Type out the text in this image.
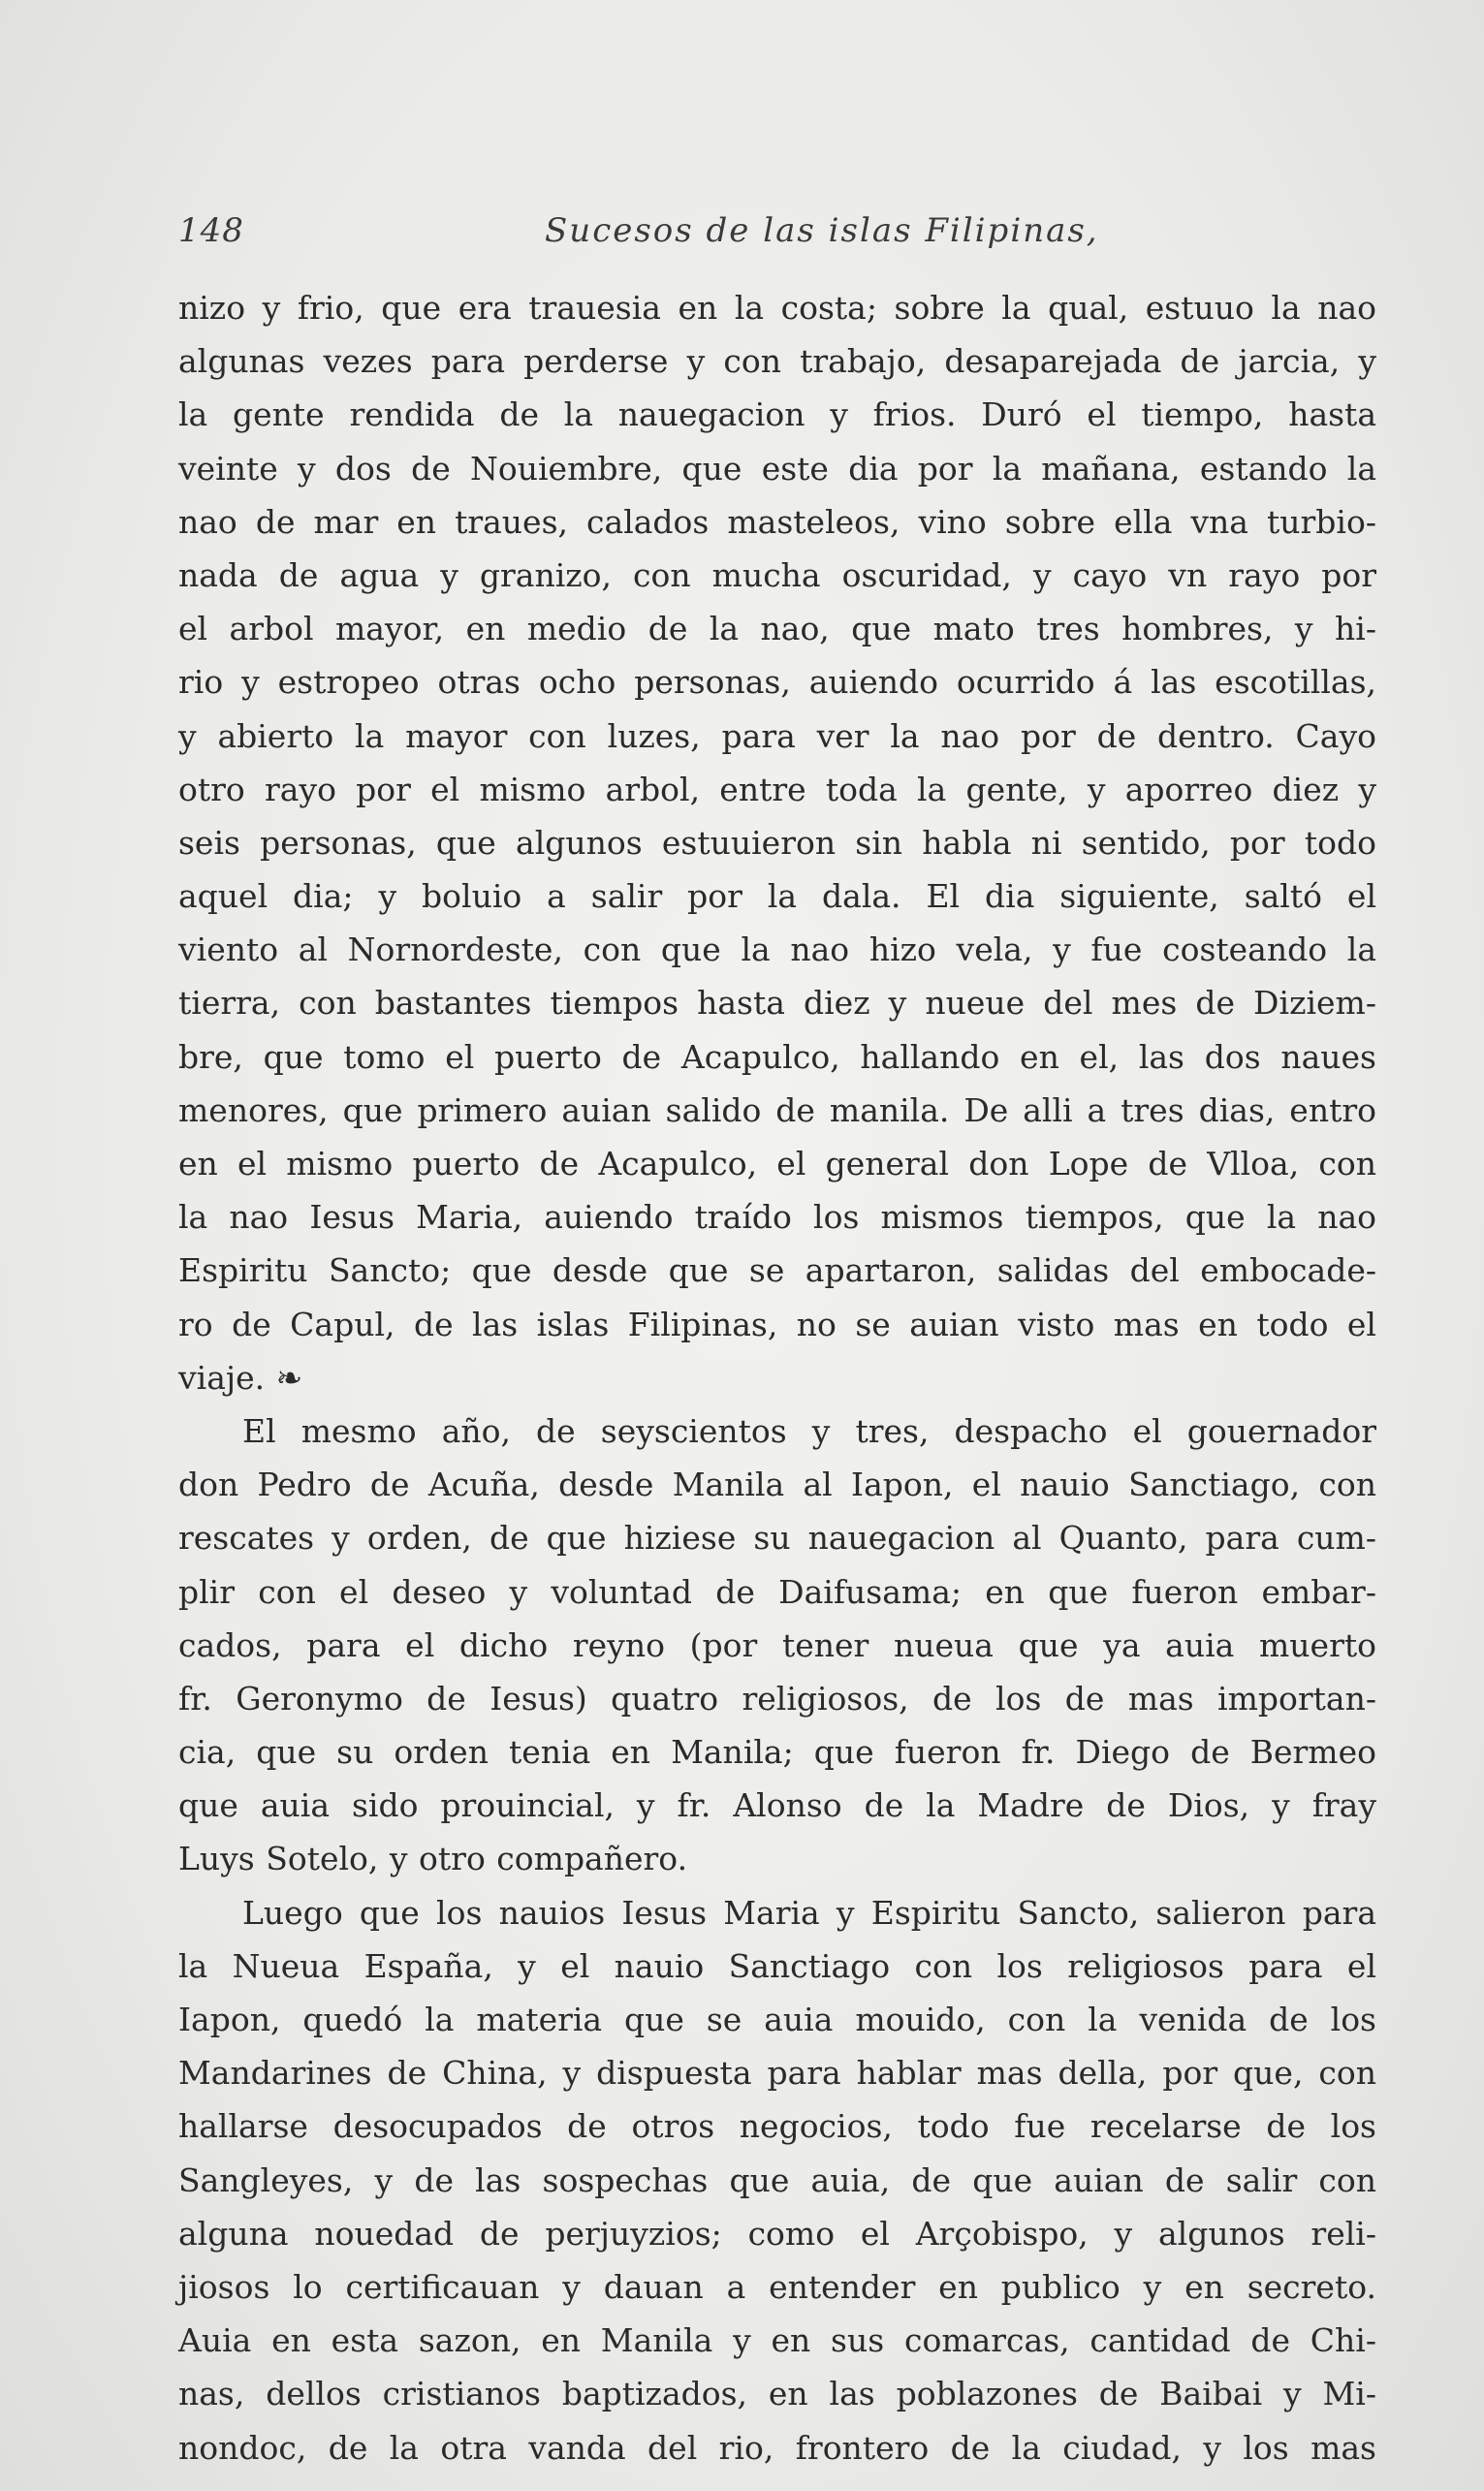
148	Sucesos de las islas Filipinas,
nizo y frio, que era trauesia en la costa; sobre la qual, estuuo la nao
algunas vezes para perderse y con trabajo, desaparejada de jarcia, y
la gente rendida de la nauegacion y frios. Duró el tiempo, hasta
veinte y dos de Nouiembre, que este dia por la mañana, estando la
nao de mar en traues, calados masteleos, vino sobre ella vna turbio-
nada de agua y granizo, con mucha oscuridad, y cayo vn rayo por
el arbol mayor, en medio de la nao, que mato tres hombres, y hi-
rio y estropeo otras ocho personas, auiendo ocurrido á las escotillas,
y abierto la mayor con luzes, para ver la nao por de dentro. Cayo
otro rayo por el mismo arbol, entre toda la gente, y aporreo diez y
seis personas, que algunos estuuieron sin habla ni sentido, por todo
aquel dia; y boluio a salir por la dala. El dia siguiente, saltó el
viento al Nornordeste, con que la nao hizo vela, y fue costeando la
tierra, con bastantes tiempos hasta diez y nueue del mes de Diziem-
bre, que tomo el puerto de Acapulco, hallando en el, las dos naues
menores, que primero auian salido de manila. De alli a tres dias, entro
en el mismo puerto de Acapulco, el general don Lope de Vlloa, con
la nao Iesus Maria, auiendo traído los mismos tiempos, que la nao
Espiritu Sancto; que desde que se apartaron, salidas del embocade-
ro de Capul, de las islas Filipinas, no se auian visto mas en todo el
viaje. ❧
El mesmo año, de seyscientos y tres, despacho el gouernador
don Pedro de Acuña, desde Manila al Iapon, el nauio Sanctiago, con
rescates y orden, de que hiziese su nauegacion al Quanto, para cum-
plir con el deseo y voluntad de Daifusama; en que fueron embar-
cados, para el dicho reyno (por tener nueua que ya auia muerto
fr. Geronymo de Iesus) quatro religiosos, de los de mas importan-
cia, que su orden tenia en Manila; que fueron fr. Diego de Bermeo
que auia sido prouincial, y fr. Alonso de la Madre de Dios, y fray
Luys Sotelo, y otro compañero.
Luego que los nauios Iesus Maria y Espiritu Sancto, salieron para
la Nueua España, y el nauio Sanctiago con los religiosos para el
Iapon, quedó la materia que se auia mouido, con la venida de los
Mandarines de China, y dispuesta para hablar mas della, por que, con
hallarse desocupados de otros negocios, todo fue recelarse de los
Sangleyes, y de las sospechas que auia, de que auian de salir con
alguna nouedad de perjuyzios; como el Arçobispo, y algunos reli-
jiosos lo certificauan y dauan a entender en publico y en secreto.
Auia en esta sazon, en Manila y en sus comarcas, cantidad de Chi-
nas, dellos cristianos baptizados, en las poblazones de Baibai y Mi-
nondoc, de la otra vanda del rio, frontero de la ciudad, y los mas
